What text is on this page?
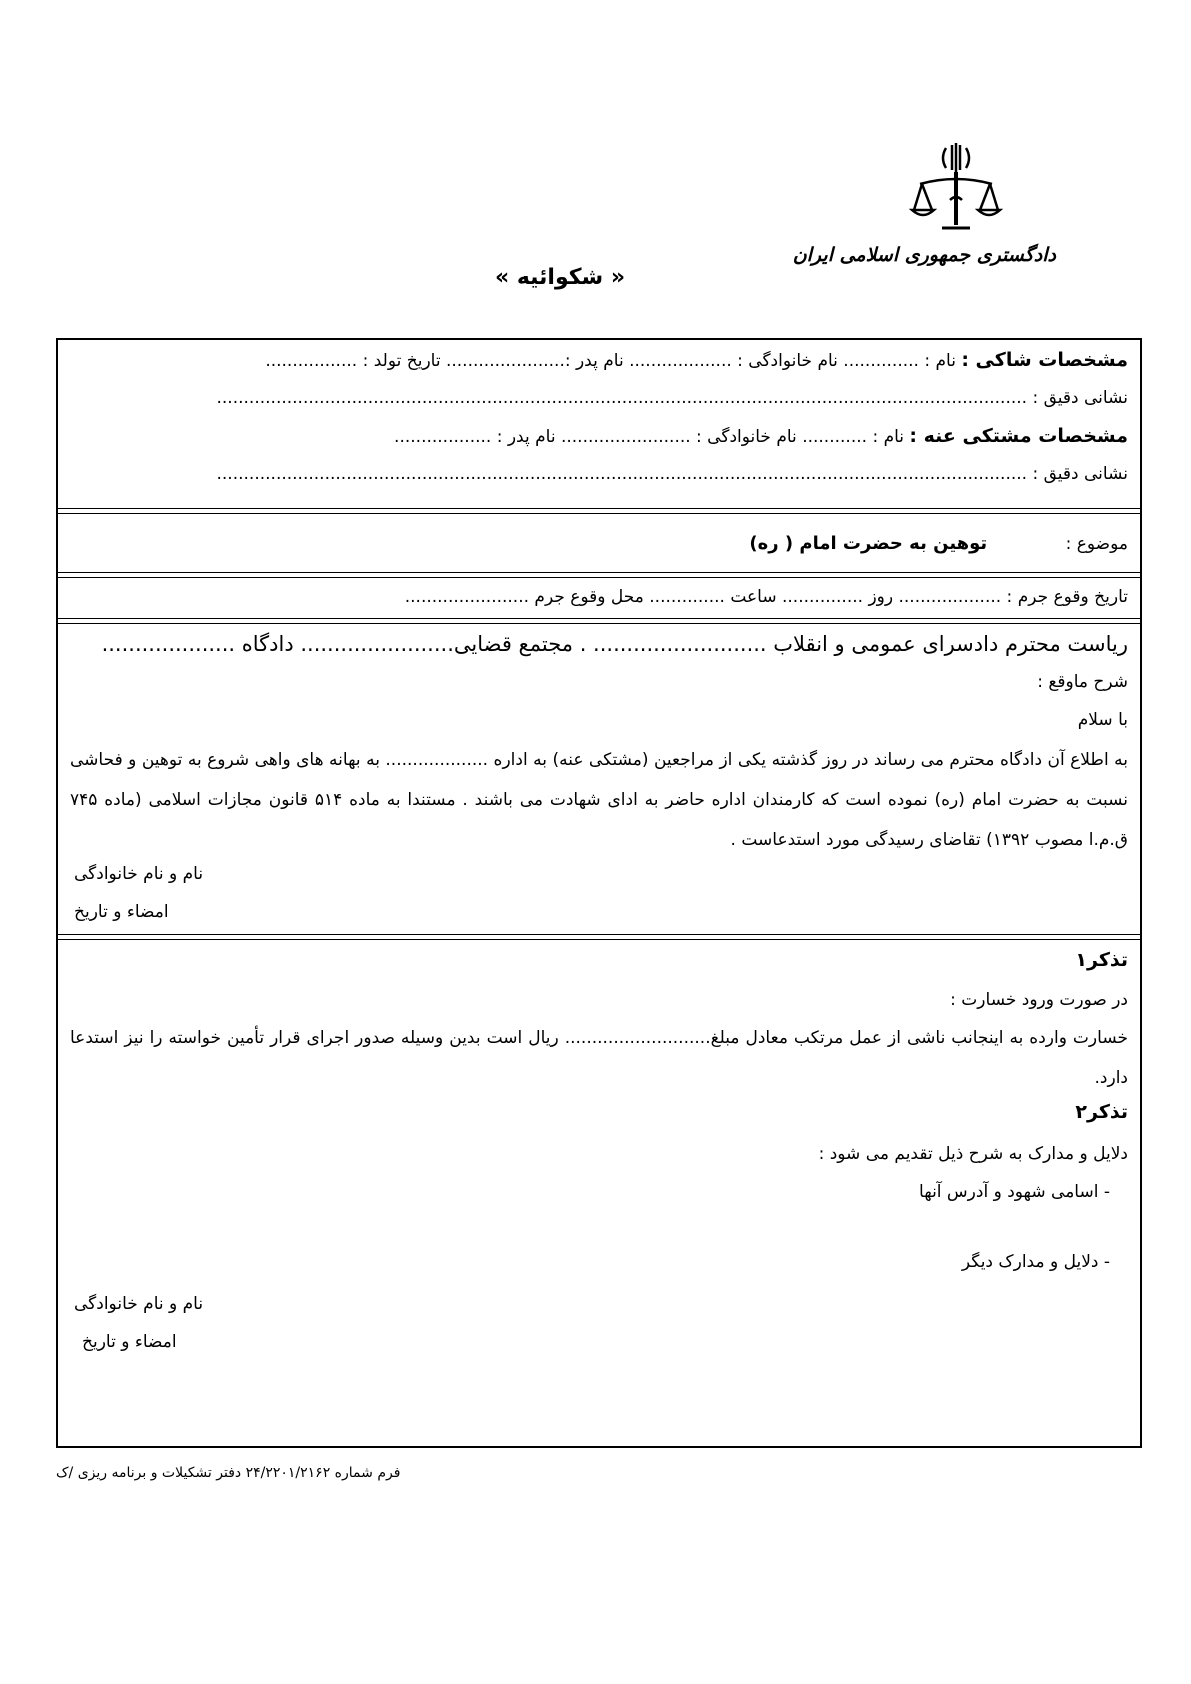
دادگستری جمهوری اسلامی ایران
« شکوائیه »
مشخصات شاکی : نام : .............. نام خانوادگی : ................... نام پدر :...................... تاریخ تولد : .................
نشانی دقیق : ......................................................................................................................................................
مشخصات مشتکی عنه : نام : ............ نام خانوادگی : ........................ نام پدر : ..................
نشانی دقیق : ......................................................................................................................................................
موضوع :  توهین به حضرت امام ( ره)
تاریخ وقوع جرم : ................... روز ............... ساعت .............. محل وقوع جرم .......................
ریاست محترم دادسرای عمومی و انقلاب .......................... . مجتمع قضایی....................... دادگاه ....................
شرح ماوقع :
با سلام
به اطلاع آن دادگاه محترم می رساند در روز گذشته یکی از مراجعین (مشتکی عنه) به اداره ................... به بهانه های واهی شروع به توهین و فحاشی نسبت به حضرت امام (ره) نموده است که کارمندان اداره حاضر به ادای شهادت می باشند . مستندا به ماده ۵۱۴ قانون مجازات اسلامی (ماده ۷۴۵ ق.م.ا مصوب ۱۳۹۲) تقاضای رسیدگی مورد استدعاست .
نام و نام خانوادگی
امضاء و تاریخ
تذکر۱
در صورت ورود خسارت :
خسارت وارده به اینجانب ناشی از عمل مرتکب معادل مبلغ........................... ریال است بدین وسیله صدور اجرای قرار تأمین خواسته را نیز استدعا دارد.
تذکر۲
دلایل و مدارک به شرح ذیل تقدیم می شود :
- اسامی شهود و آدرس آنها
- دلایل و مدارک دیگر
نام و نام خانوادگی
امضاء و تاریخ
فرم شماره ۲۴/۲۲۰۱/۲۱۶۲ دفتر تشکیلات و برنامه ریزی /ک
